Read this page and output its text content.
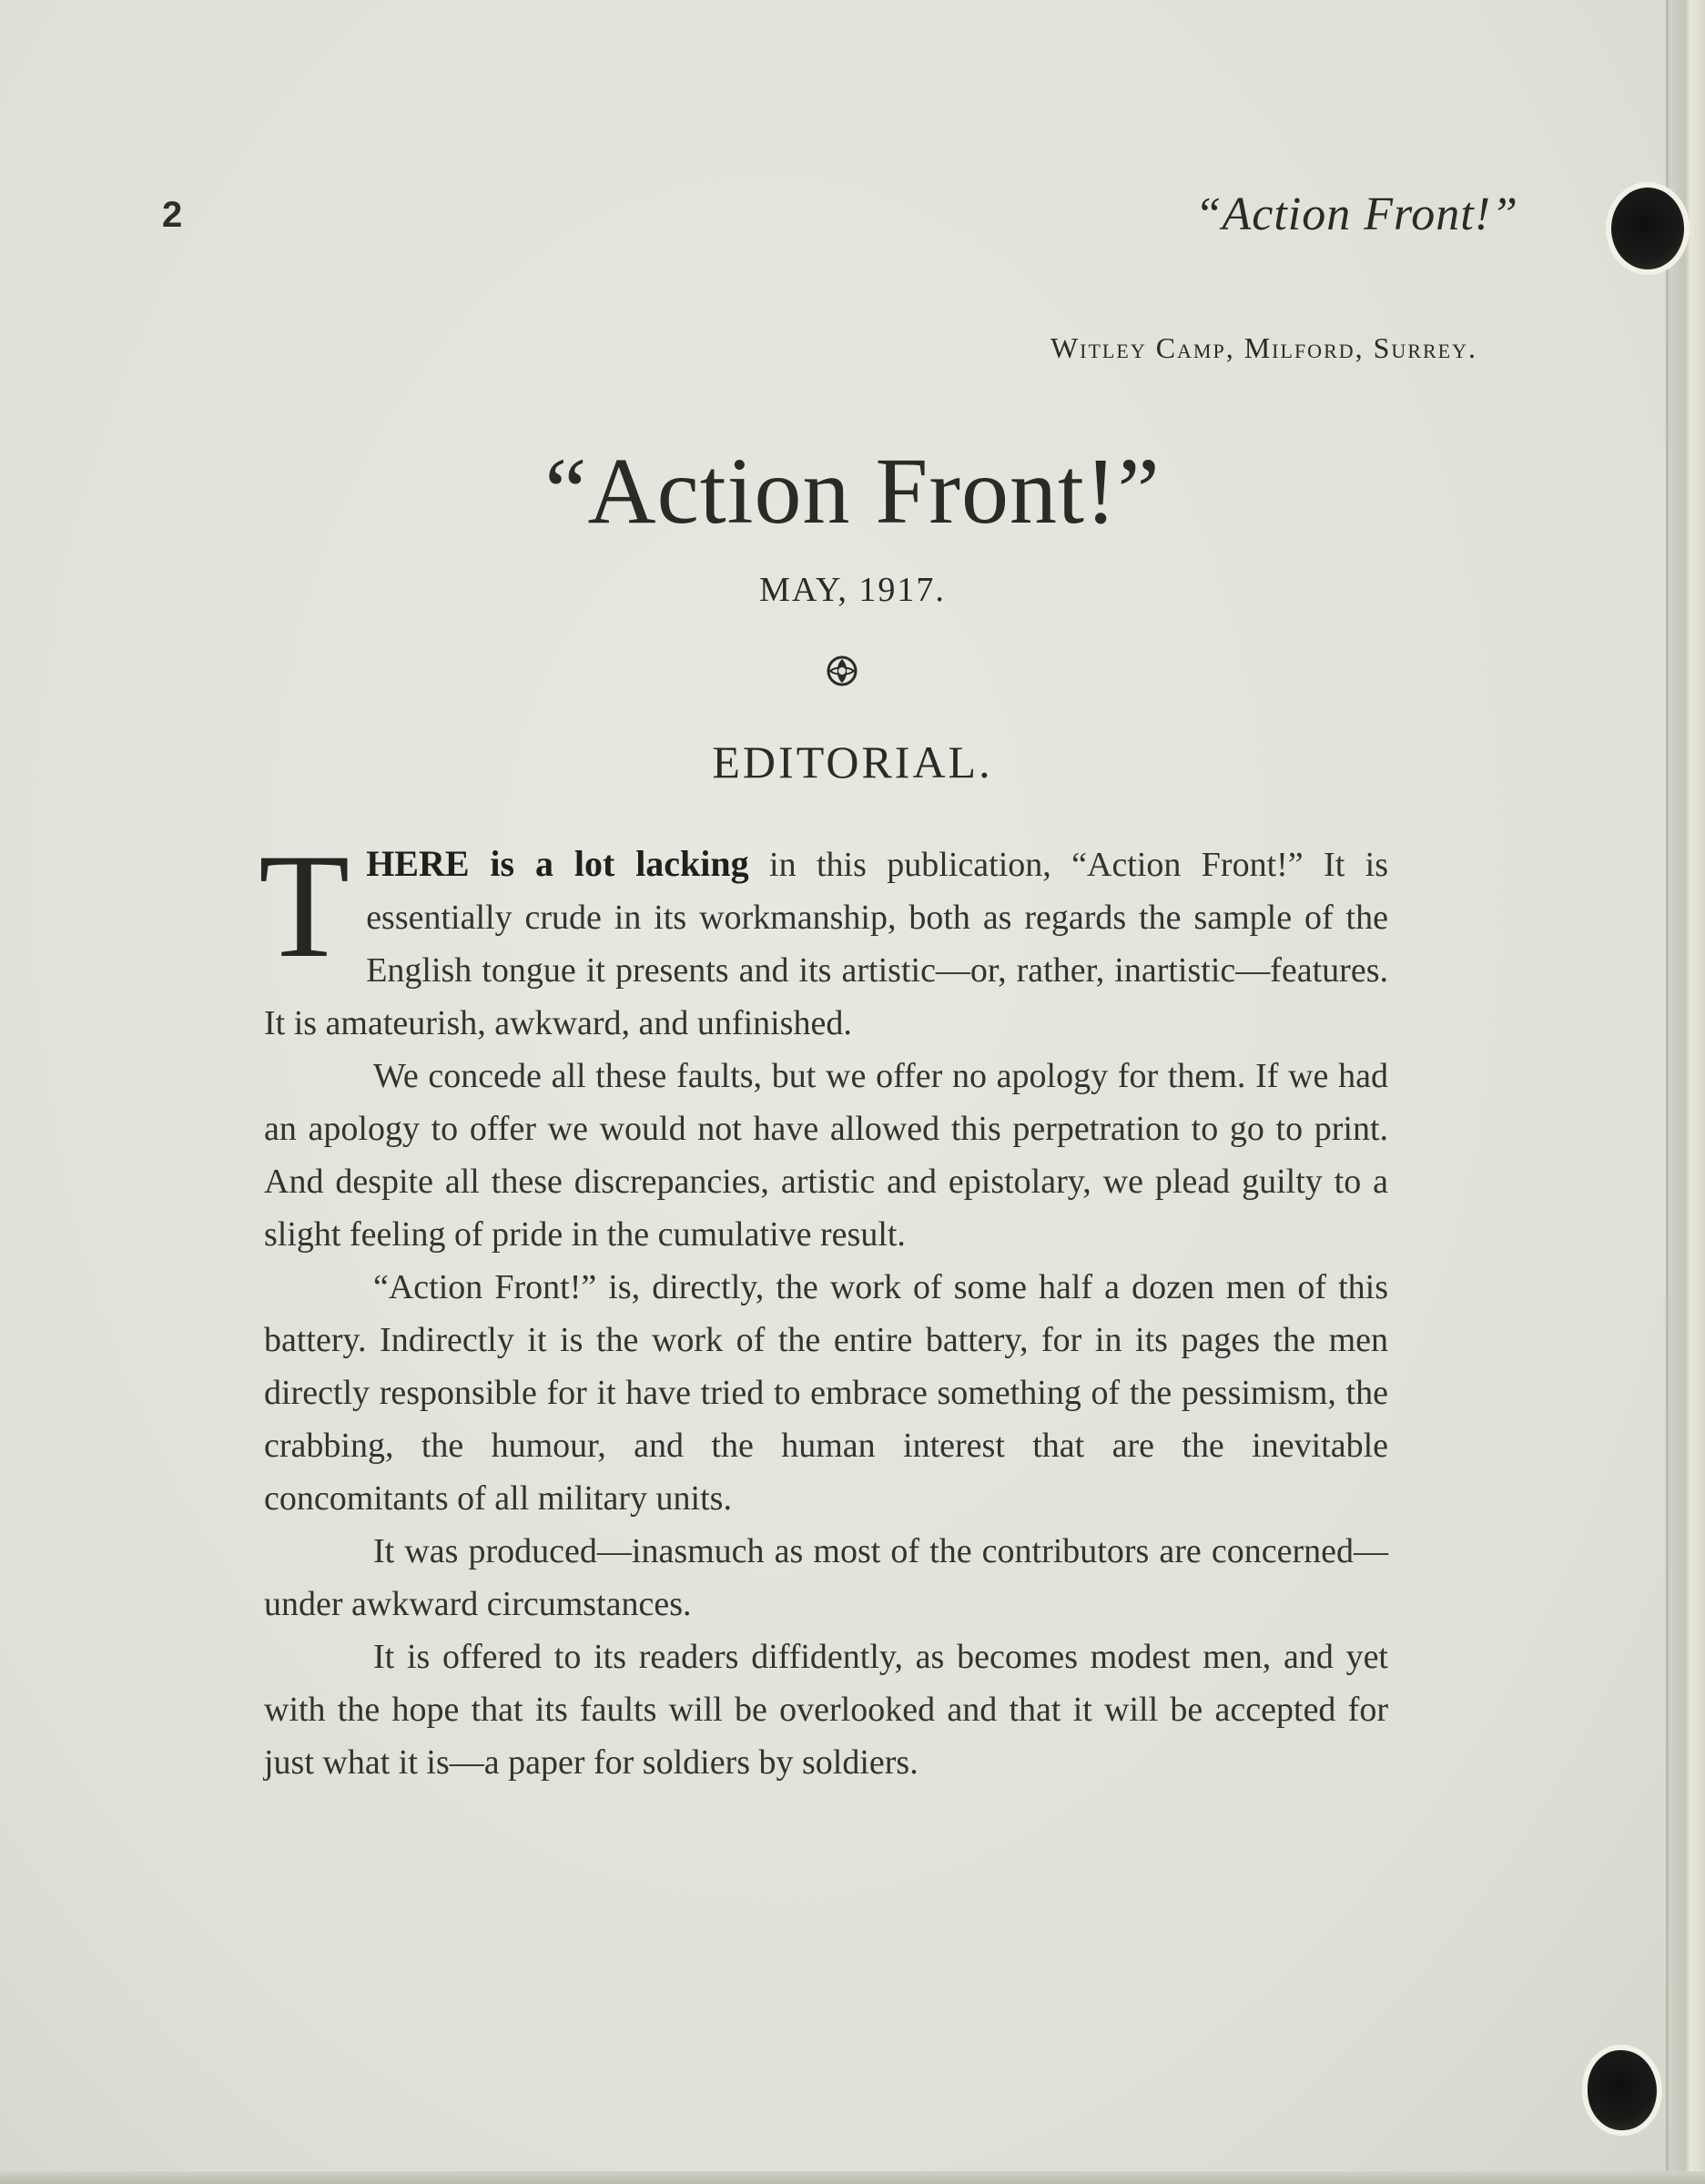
2	“Action Front!”
Witley Camp, Milford, Surrey.
“Action Front!”
MAY, 1917.
EDITORIAL.

THERE is a lot lacking in this publication, “Action Front!” It is essentially crude in its workmanship, both as regards the sample of the English tongue it presents and its artistic—or, rather, inartistic—features. It is amateurish, awkward, and unfinished.

We concede all these faults, but we offer no apology for them. If we had an apology to offer we would not have allowed this perpetration to go to print. And despite all these discrepancies, artistic and epistolary, we plead guilty to a slight feeling of pride in the cumulative result.

“Action Front!” is, directly, the work of some half a dozen men of this battery. Indirectly it is the work of the entire battery, for in its pages the men directly responsible for it have tried to embrace something of the pessimism, the crabbing, the humour, and the human interest that are the inevitable concomitants of all military units.

It was produced—inasmuch as most of the contributors are concerned—under awkward circumstances.

It is offered to its readers diffidently, as becomes modest men, and yet with the hope that its faults will be overlooked and that it will be accepted for just what it is—a paper for soldiers by soldiers.
